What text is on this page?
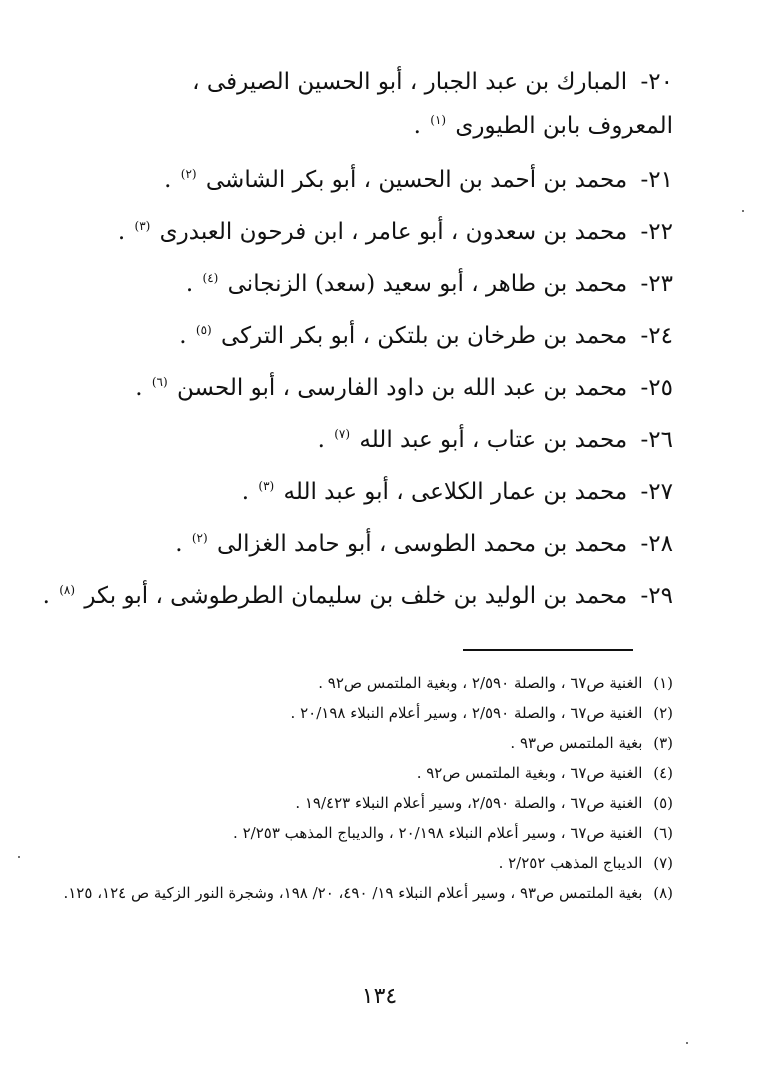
٢٠- المبارك بن عبد الجبار ، أبو الحسين الصيرفى ، المعروف بابن الطيورى $^{(١)}$ .
٢١- محمد بن أحمد بن الحسين ، أبو بكر الشاشى $^{(٢)}$ .
٢٢- محمد بن سعدون ، أبو عامر ، ابن فرحون العبدرى $^{(٣)}$ .
٢٣- محمد بن طاهر ، أبو سعيد (سعد) الزنجانى $^{(٤)}$ .
٢٤- محمد بن طرخان بن بلتكن ، أبو بكر التركى $^{(٥)}$ .
٢٥- محمد بن عبد الله بن داود الفارسى ، أبو الحسن $^{(٦)}$ .
٢٦- محمد بن عتاب ، أبو عبد الله $^{(٧)}$ .
٢٧- محمد بن عمار الكلاعى ، أبو عبد الله $^{(٣)}$ .
٢٨- محمد بن محمد الطوسى ، أبو حامد الغزالى $^{(٢)}$ .
٢٩- محمد بن الوليد بن خلف بن سليمان الطرطوشى ، أبو بكر $^{(٨)}$ .
(١) الغنية ص٦٧ ، والصلة ٢/٥٩٠ ، وبغية الملتمس ص٩٢ .
(٢) الغنية ص٦٧ ، والصلة ٢/٥٩٠ ، وسير أعلام النبلاء ٢٠/١٩٨ .
(٣) بغية الملتمس ص٩٣ .
(٤) الغنية ص٦٧ ، وبغية الملتمس ص٩٢ .
(٥) الغنية ص٦٧ ، والصلة ٢/٥٩٠، وسير أعلام النبلاء ١٩/٤٢٣ .
(٦) الغنية ص٦٧ ، وسير أعلام النبلاء ٢٠/١٩٨ ، والديباج المذهب ٢/٢٥٣ .
(٧) الديباج المذهب ٢/٢٥٢ .
(٨) بغية الملتمس ص٩٣ ، وسير أعلام النبلاء ١٩/ ٤٩٠، ٢٠/ ١٩٨، وشجرة النور الزكية ص ١٢٤، ١٢٥.
١٣٤
